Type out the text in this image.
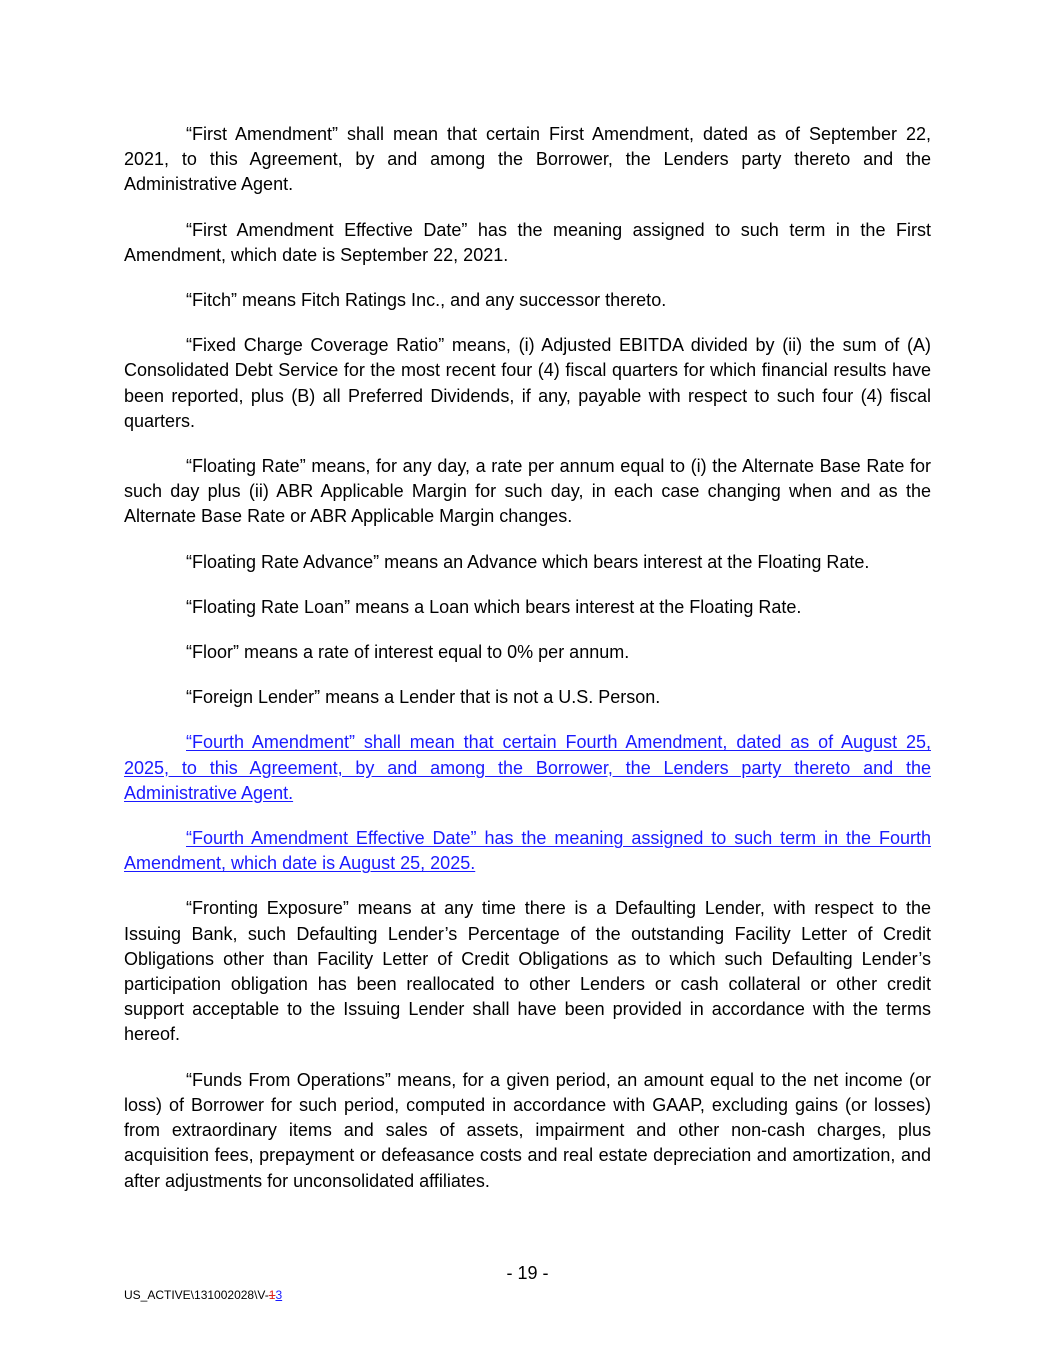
“First Amendment” shall mean that certain First Amendment, dated as of September 22, 2021, to this Agreement, by and among the Borrower, the Lenders party thereto and the Administrative Agent.

“First Amendment Effective Date” has the meaning assigned to such term in the First Amendment, which date is September 22, 2021.

“Fitch” means Fitch Ratings Inc., and any successor thereto.

“Fixed Charge Coverage Ratio” means, (i) Adjusted EBITDA divided by (ii) the sum of (A) Consolidated Debt Service for the most recent four (4) fiscal quarters for which financial results have been reported, plus (B) all Preferred Dividends, if any, payable with respect to such four (4) fiscal quarters.

“Floating Rate” means, for any day, a rate per annum equal to (i) the Alternate Base Rate for such day plus (ii) ABR Applicable Margin for such day, in each case changing when and as the Alternate Base Rate or ABR Applicable Margin changes.

“Floating Rate Advance” means an Advance which bears interest at the Floating Rate.

“Floating Rate Loan” means a Loan which bears interest at the Floating Rate.

“Floor” means a rate of interest equal to 0% per annum.

“Foreign Lender” means a Lender that is not a U.S. Person.

“Fourth Amendment” shall mean that certain Fourth Amendment, dated as of August 25, 2025, to this Agreement, by and among the Borrower, the Lenders party thereto and the Administrative Agent.

“Fourth Amendment Effective Date” has the meaning assigned to such term in the Fourth Amendment, which date is August 25, 2025.

“Fronting Exposure” means at any time there is a Defaulting Lender, with respect to the Issuing Bank, such Defaulting Lender’s Percentage of the outstanding Facility Letter of Credit Obligations other than Facility Letter of Credit Obligations as to which such Defaulting Lender’s participation obligation has been reallocated to other Lenders or cash collateral or other credit support acceptable to the Issuing Lender shall have been provided in accordance with the terms hereof.

“Funds From Operations” means, for a given period, an amount equal to the net income (or loss) of Borrower for such period, computed in accordance with GAAP, excluding gains (or losses) from extraordinary items and sales of assets, impairment and other non-cash charges, plus acquisition fees, prepayment or defeasance costs and real estate depreciation and amortization, and after adjustments for unconsolidated affiliates.

- 19 -
US_ACTIVE\131002028\V-13
